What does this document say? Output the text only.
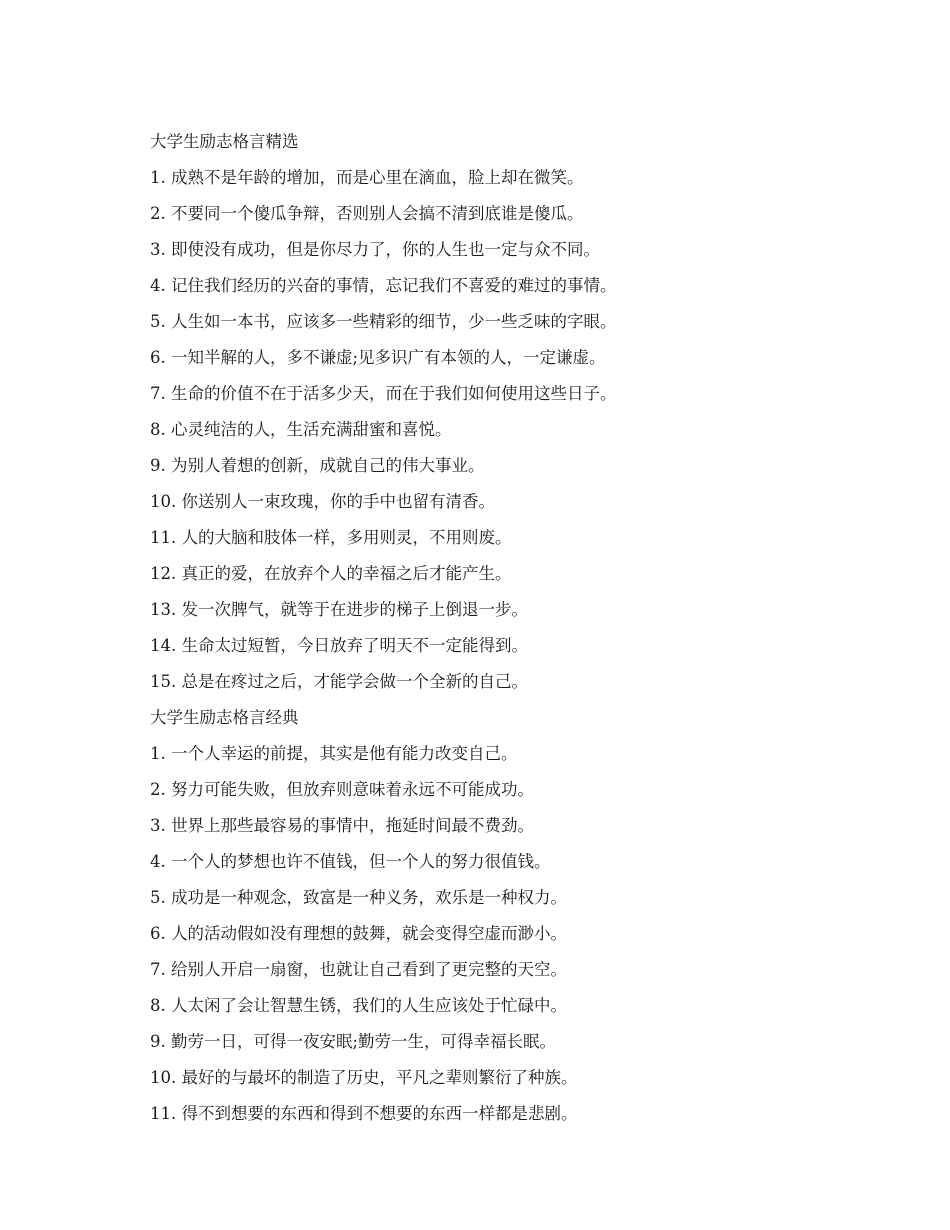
大学生励志格言精选
1. 成熟不是年龄的增加，而是心里在滴血，脸上却在微笑。
2. 不要同一个傻瓜争辩，否则别人会搞不清到底谁是傻瓜。
3. 即使没有成功，但是你尽力了，你的人生也一定与众不同。
4. 记住我们经历的兴奋的事情，忘记我们不喜爱的难过的事情。
5. 人生如一本书，应该多一些精彩的细节，少一些乏味的字眼。
6. 一知半解的人，多不谦虚;见多识广有本领的人，一定谦虚。
7. 生命的价值不在于活多少天，而在于我们如何使用这些日子。
8. 心灵纯洁的人，生活充满甜蜜和喜悦。
9. 为别人着想的创新，成就自己的伟大事业。
10. 你送别人一束玫瑰，你的手中也留有清香。
11. 人的大脑和肢体一样，多用则灵，不用则废。
12. 真正的爱，在放弃个人的幸福之后才能产生。
13. 发一次脾气，就等于在进步的梯子上倒退一步。
14. 生命太过短暂，今日放弃了明天不一定能得到。
15. 总是在疼过之后，才能学会做一个全新的自己。
大学生励志格言经典
1. 一个人幸运的前提，其实是他有能力改变自己。
2. 努力可能失败，但放弃则意味着永远不可能成功。
3. 世界上那些最容易的事情中，拖延时间最不费劲。
4. 一个人的梦想也许不值钱，但一个人的努力很值钱。
5. 成功是一种观念，致富是一种义务，欢乐是一种权力。
6. 人的活动假如没有理想的鼓舞，就会变得空虚而渺小。
7. 给别人开启一扇窗，也就让自己看到了更完整的天空。
8. 人太闲了会让智慧生锈，我们的人生应该处于忙碌中。
9. 勤劳一日，可得一夜安眠;勤劳一生，可得幸福长眠。
10. 最好的与最坏的制造了历史，平凡之辈则繁衍了种族。
11. 得不到想要的东西和得到不想要的东西一样都是悲剧。
